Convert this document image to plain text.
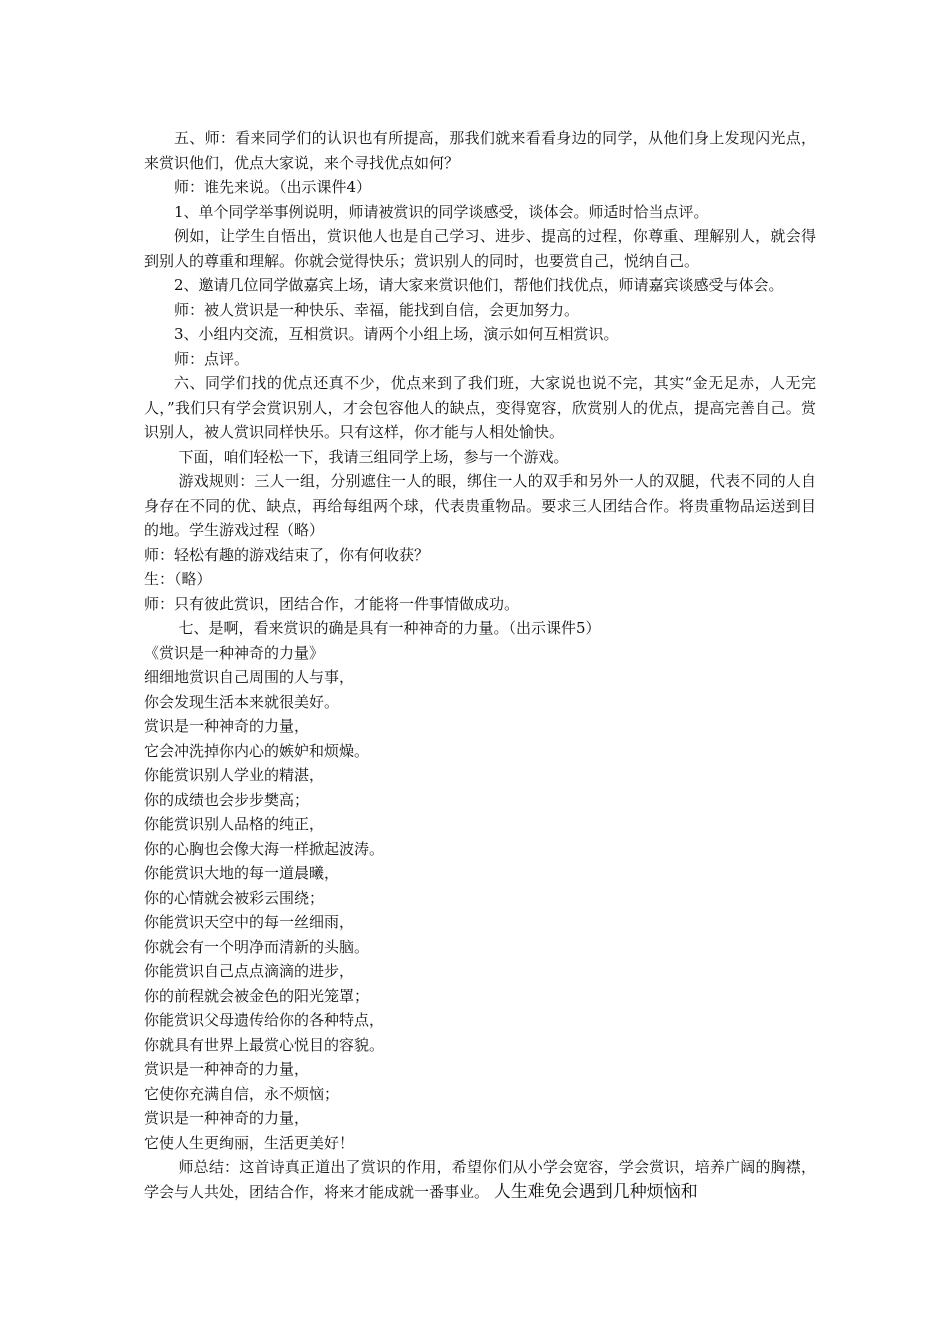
五、师：看来同学们的认识也有所提高，那我们就来看看身边的同学，从他们身上发现闪光点，来赏识他们，优点大家说，来个寻找优点如何？

师：谁先来说。（出示课件4）

1、单个同学举事例说明，师请被赏识的同学谈感受，谈体会。师适时恰当点评。

例如，让学生自悟出，赏识他人也是自己学习、进步、提高的过程，你尊重、理解别人，就会得到别人的尊重和理解。你就会觉得快乐；赏识别人的同时，也要赏自己，悦纳自己。

2、邀请几位同学做嘉宾上场，请大家来赏识他们，帮他们找优点，师请嘉宾谈感受与体会。

师：被人赏识是一种快乐、幸福，能找到自信，会更加努力。

3、小组内交流，互相赏识。请两个小组上场，演示如何互相赏识。

师：点评。

六、同学们找的优点还真不少，优点来到了我们班，大家说也说不完，其实“金无足赤，人无完人，”我们只有学会赏识别人，才会包容他人的缺点，变得宽容，欣赏别人的优点，提高完善自己。赏识别人，被人赏识同样快乐。只有这样，你才能与人相处愉快。

下面，咱们轻松一下，我请三组同学上场，参与一个游戏。

游戏规则：三人一组，分别遮住一人的眼，绑住一人的双手和另外一人的双腿，代表不同的人自身存在不同的优、缺点，再给每组两个球，代表贵重物品。要求三人团结合作。将贵重物品运送到目的地。学生游戏过程（略）

师：轻松有趣的游戏结束了，你有何收获？

生：（略）

师：只有彼此赏识，团结合作，才能将一件事情做成功。

七、是啊，看来赏识的确是具有一种神奇的力量。（出示课件5）

《赏识是一种神奇的力量》

细细地赏识自己周围的人与事，

你会发现生活本来就很美好。

赏识是一种神奇的力量，

它会冲洗掉你内心的嫉妒和烦燥。

你能赏识别人学业的精湛，

你的成绩也会步步樊高；

你能赏识别人品格的纯正，

你的心胸也会像大海一样掀起波涛。

你能赏识大地的每一道晨曦，

你的心情就会被彩云围绕；

你能赏识天空中的每一丝细雨，

你就会有一个明净而清新的头脑。

你能赏识自己点点滴滴的进步，

你的前程就会被金色的阳光笼罩；

你能赏识父母遗传给你的各种特点，

你就具有世界上最赏心悦目的容貌。

赏识是一种神奇的力量，

它使你充满自信，永不烦恼；

赏识是一种神奇的力量，

它使人生更绚丽，生活更美好！

师总结：这首诗真正道出了赏识的作用，希望你们从小学会宽容，学会赏识，培养广阔的胸襟，学会与人共处，团结合作，将来才能成就一番事业。 人生难免会遇到几种烦恼和
